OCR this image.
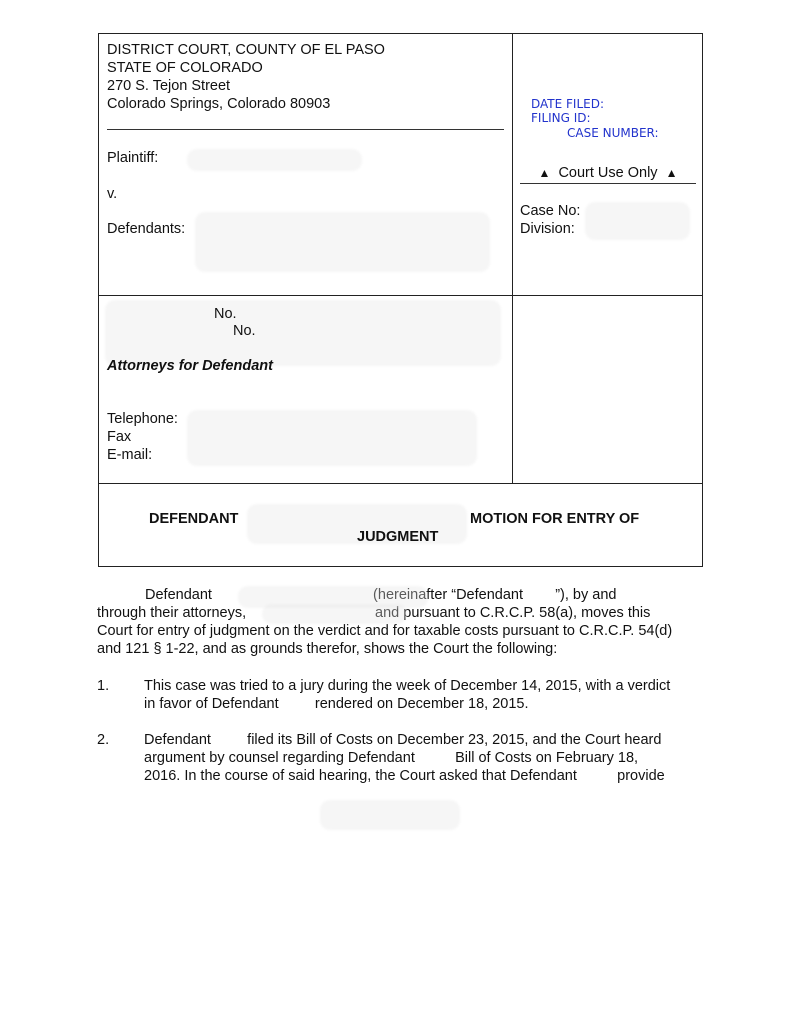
DISTRICT COURT, COUNTY OF EL PASO
STATE OF COLORADO
270 S. Tejon Street
Colorado Springs, Colorado 80903
Plaintiff:
v.
Defendants:
DATE FILED:
FILING ID:
CASE NUMBER:
▲ Court Use Only ▲
Case No:
Division:
No.
No.
Attorneys for Defendant
Telephone:
Fax
E-mail:
DEFENDANT	MOTION FOR ENTRY OF
JUDGMENT
Defendant                                        (hereinafter “Defendant        ”), by and
through their attorneys,                                and pursuant to C.R.C.P. 58(a), moves this
Court for entry of judgment on the verdict and for taxable costs pursuant to C.R.C.P. 54(d)
and 121 § 1-22, and as grounds therefor, shows the Court the following:
1. This case was tried to a jury during the week of December 14, 2015, with a verdict
in favor of Defendant         rendered on December 18, 2015.
2. Defendant         filed its Bill of Costs on December 23, 2015, and the Court heard
argument by counsel regarding Defendant          Bill of Costs on February 18,
2016. In the course of said hearing, the Court asked that Defendant          provide
